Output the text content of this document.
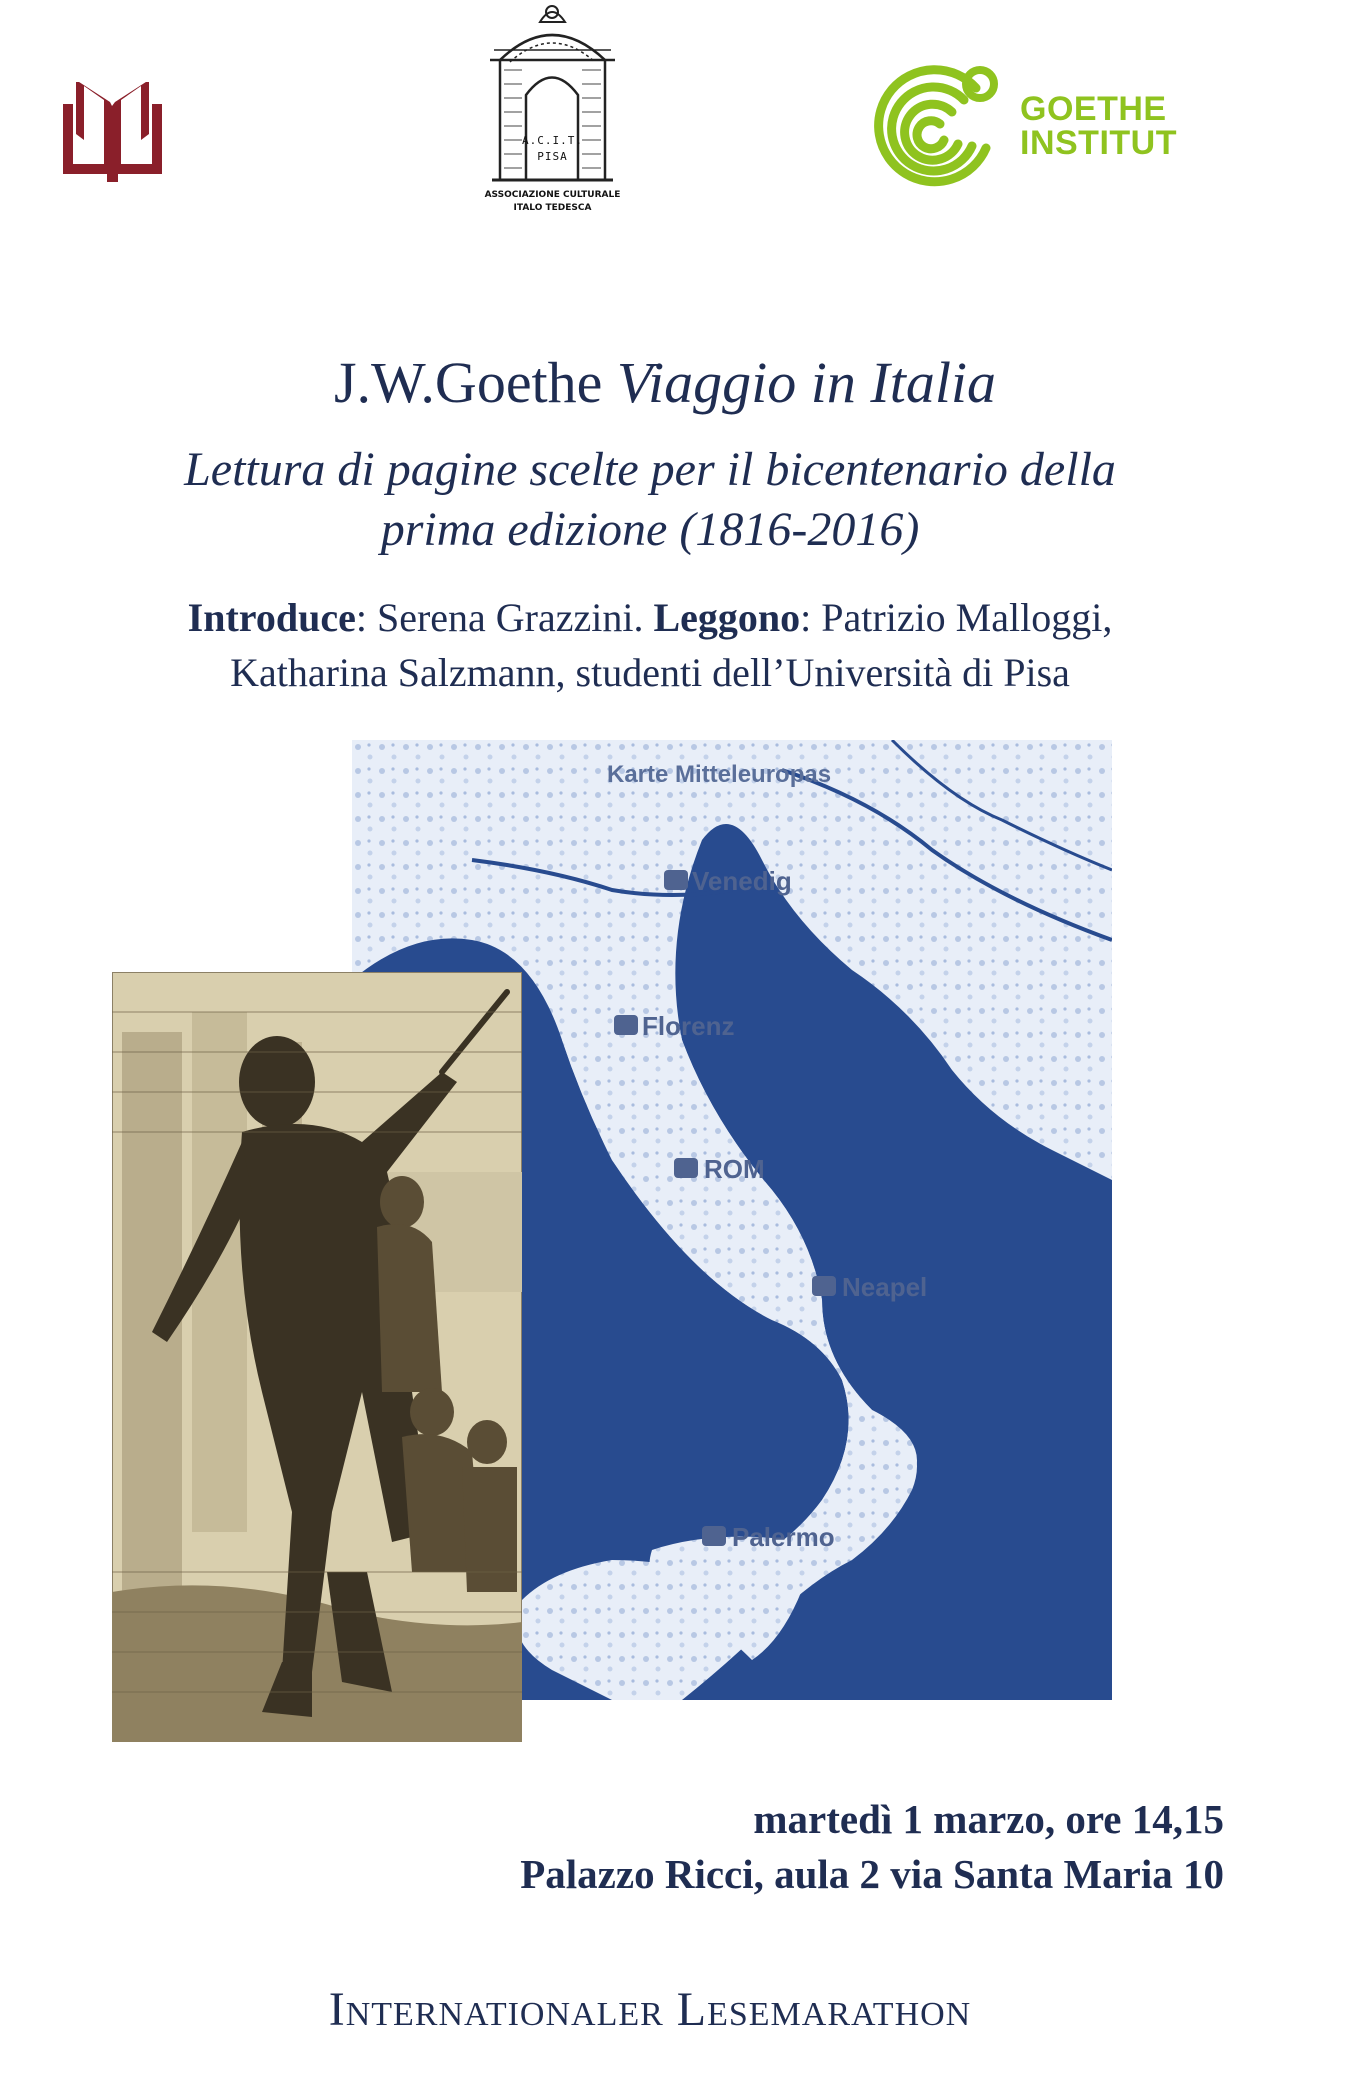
A.C.I.T.
PISA
ASSOCIAZIONE CULTURALE
ITALO TEDESCA
GOETHE
INSTITUT
J.W.Goethe Viaggio in Italia
Lettura di pagine scelte per il bicentenario della
prima edizione (1816-2016)
Introduce: Serena Grazzini. Leggono: Patrizio Malloggi,
Katharina Salzmann, studenti dell’Università di Pisa
Karte Mitteleuropas
Venedig
Florenz
ROM
Neapel
Palermo
martedì 1 marzo, ore 14,15
Palazzo Ricci, aula 2 via Santa Maria 10
Internationaler Lesemarathon
